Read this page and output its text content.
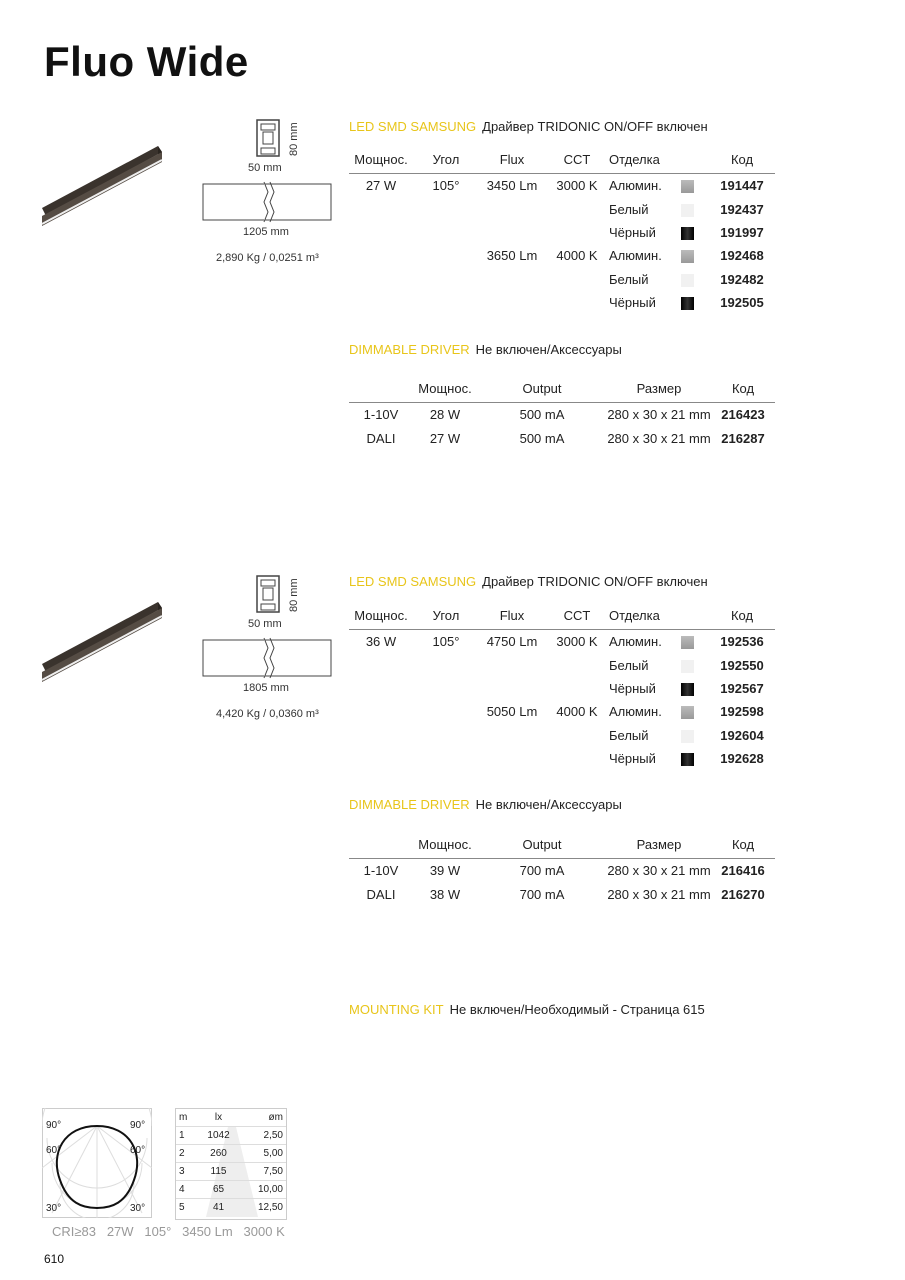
Fluo Wide
80 mm
50 mm
1205 mm
2,890 Kg / 0,0251 m³
LED SMD SAMSUNG Драйвер TRIDONIC ON/OFF включен
Мощнос.	Угол	Flux	CCT	Отделка		Код
27 W	105°	3450 Lm	3000 K	Алюмин.		191447
				Белый		192437
				Чёрный		191997
		3650 Lm	4000 K	Алюмин.		192468
				Белый		192482
				Чёрный		192505
DIMMABLE DRIVER Не включен/Аксессуары
	Мощнос.	Output	Размер	Код
1-10V	28 W	500 mA	280 x 30 x 21 mm	216423
DALI	27 W	500 mA	280 x 30 x 21 mm	216287
80 mm
50 mm
1805 mm
4,420 Kg / 0,0360 m³
LED SMD SAMSUNG Драйвер TRIDONIC ON/OFF включен
Мощнос.	Угол	Flux	CCT	Отделка		Код
36 W	105°	4750 Lm	3000 K	Алюмин.		192536
				Белый		192550
				Чёрный		192567
		5050 Lm	4000 K	Алюмин.		192598
				Белый		192604
				Чёрный		192628
DIMMABLE DRIVER Не включен/Аксессуары
	Мощнос.	Output	Размер	Код
1-10V	39 W	700 mA	280 x 30 x 21 mm	216416
DALI	38 W	700 mA	280 x 30 x 21 mm	216270
MOUNTING KIT Не включен/Необходимый - Страница 615
90°	90°
60°	60°
30°	30°
m	lx	øm
1	1042	2,50
2	260	5,00
3	115	7,50
4	65	10,00
5	41	12,50
CRI≥83   27W   105°   3450 Lm   3000 K
610
